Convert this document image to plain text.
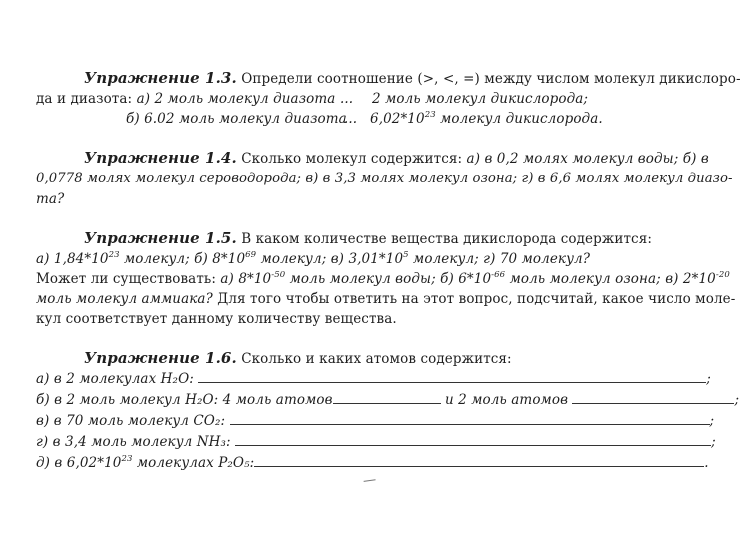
Упражнение 1.3. Определи соотношение (>, <, =) между числом молекул дикислоро-
да и диазота: а) 2 моль молекул диазота ... 2 моль молекул дикислорода;
б) 6.02 моль молекул диазота
... $6,02*10^{23}$ молекул дикислорода.
Упражнение 1.4. Сколько молекул содержится: а) в 0,2 молях молекул воды; б) в
0,0778 молях молекул сероводорода; в) в 3,3 молях молекул озона; г) в 6,6 молях молекул диазо-
та?
Упражнение 1.5. В каком количестве вещества дикислорода содержится:
а) $1,84*10^{23}$ молекул; б) $8*10^{69}$ молекул; в) $3,01*10^5$ молекул; г) 70 молекул?
Может ли существовать: а) $8*10^{-50}$ моль молекул воды; б) $6*10^{-66}$ моль молекул озона; в) $2*10^{-20}$
моль молекул аммиака? Для того чтобы ответить на этот вопрос, подсчитай, какое число моле-
кул соответствует данному количеству вещества.
Упражнение 1.6. Сколько и каких атомов содержится:
а) в 2 молекулах H₂O:	;
б) в 2 моль молекул H₂O: 4 моль атомов	и 2 моль атомов	;
в) в 70 моль молекул CO₂:	;
г) в 3,4 моль молекул NH₃:	;
д) в $6,02*10^{23}$ молекулах P₂O₅:	.
